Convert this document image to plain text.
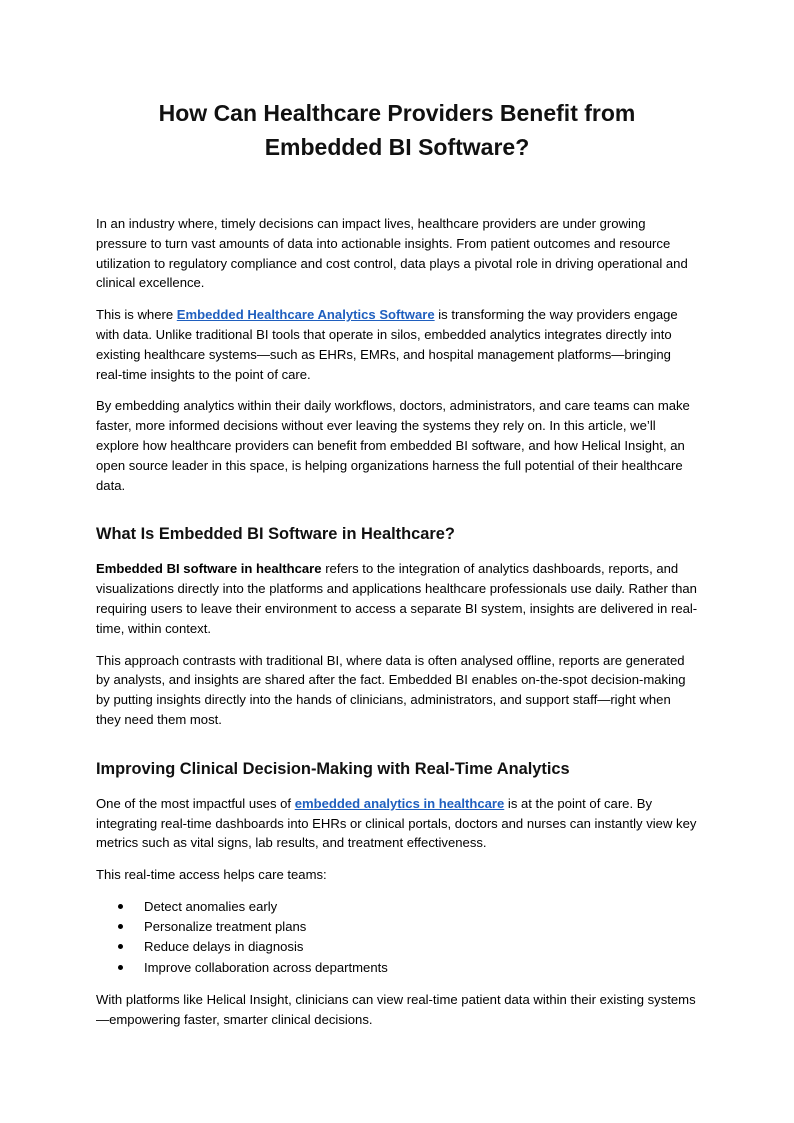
How Can Healthcare Providers Benefit from
Embedded BI Software?

In an industry where, timely decisions can impact lives, healthcare providers are under growing pressure to turn vast amounts of data into actionable insights. From patient outcomes and resource utilization to regulatory compliance and cost control, data plays a pivotal role in driving operational and clinical excellence.

This is where Embedded Healthcare Analytics Software is transforming the way providers engage with data. Unlike traditional BI tools that operate in silos, embedded analytics integrates directly into existing healthcare systems—such as EHRs, EMRs, and hospital management platforms—bringing real-time insights to the point of care.

By embedding analytics within their daily workflows, doctors, administrators, and care teams can make faster, more informed decisions without ever leaving the systems they rely on. In this article, we’ll explore how healthcare providers can benefit from embedded BI software, and how Helical Insight, an open source leader in this space, is helping organizations harness the full potential of their healthcare data.

What Is Embedded BI Software in Healthcare?

Embedded BI software in healthcare refers to the integration of analytics dashboards, reports, and visualizations directly into the platforms and applications healthcare professionals use daily. Rather than requiring users to leave their environment to access a separate BI system, insights are delivered in real-time, within context.

This approach contrasts with traditional BI, where data is often analysed offline, reports are generated by analysts, and insights are shared after the fact. Embedded BI enables on-the-spot decision-making by putting insights directly into the hands of clinicians, administrators, and support staff—right when they need them most.

Improving Clinical Decision-Making with Real-Time Analytics

One of the most impactful uses of embedded analytics in healthcare is at the point of care. By integrating real-time dashboards into EHRs or clinical portals, doctors and nurses can instantly view key metrics such as vital signs, lab results, and treatment effectiveness.

This real-time access helps care teams:

Detect anomalies early
Personalize treatment plans
Reduce delays in diagnosis
Improve collaboration across departments

With platforms like Helical Insight, clinicians can view real-time patient data within their existing systems—empowering faster, smarter clinical decisions.
